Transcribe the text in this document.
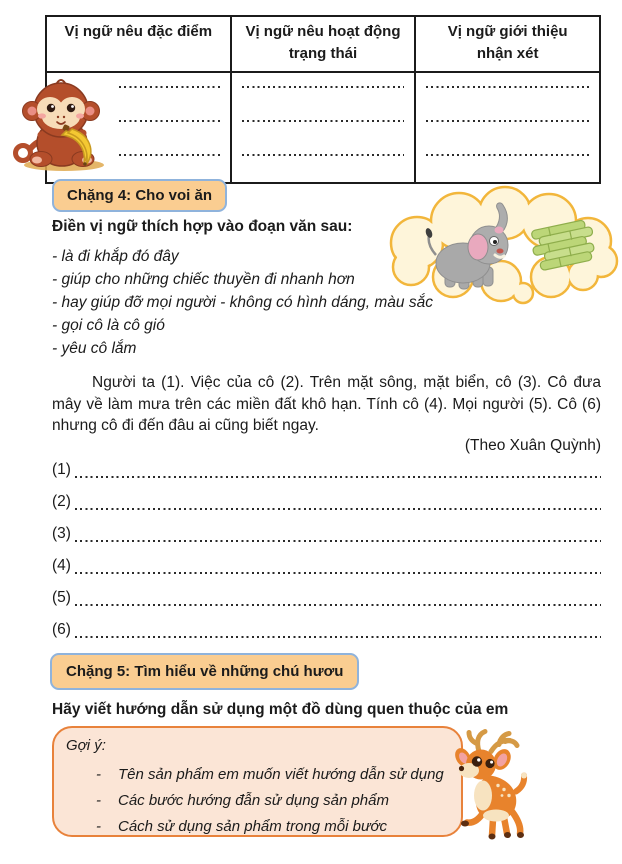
Vị ngữ nêu đặc điểm	Vị ngữ nêu hoạt động trạng thái	Vị ngữ giới thiệu nhận xét

Chặng 4: Cho voi ăn
Điền vị ngữ thích hợp vào đoạn văn sau:
- là đi khắp đó đây
- giúp cho những chiếc thuyền đi nhanh hơn
- hay giúp đỡ mọi người - không có hình dáng, màu sắc
- gọi cô là cô gió
- yêu cô lắm
Người ta (1). Việc của cô (2). Trên mặt sông, mặt biển, cô (3). Cô đưa mây về làm mưa trên các miền đất khô hạn. Tính cô (4). Mọi người (5). Cô (6) nhưng cô đi đến đâu ai cũng biết ngay.
(Theo Xuân Quỳnh)
(1)
(2)
(3)
(4)
(5)
(6)
Chặng 5: Tìm hiểu về những chú hươu
Hãy viết hướng dẫn sử dụng một đồ dùng quen thuộc của em
Gợi ý:
- Tên sản phẩm em muốn viết hướng dẫn sử dụng
- Các bước hướng đẫn sử dụng sản phẩm
- Cách sử dụng sản phẩm trong mỗi bước
